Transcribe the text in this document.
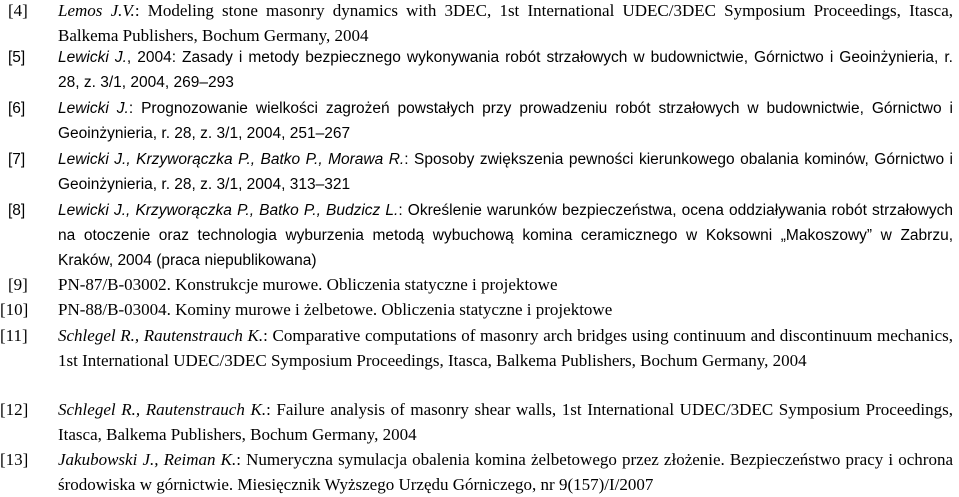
[4] Lemos J.V.: Modeling stone masonry dynamics with 3DEC, 1st International UDEC/3DEC Symposium Proceedings, Itasca, Balkema Publishers, Bochum Germany, 2004
[5] Lewicki J., 2004: Zasady i metody bezpiecznego wykonywania robót strzałowych w budownictwie, Górnictwo i Geoinżynieria, r. 28, z. 3/1, 2004, 269–293
[6] Lewicki J.: Prognozowanie wielkości zagrożeń powstałych przy prowadzeniu robót strzałowych w budownictwie, Górnictwo i Geoinżynieria, r. 28, z. 3/1, 2004, 251–267
[7] Lewicki J., Krzyworączka P., Batko P., Morawa R.: Sposoby zwiększenia pewności kierunkowego obalania kominów, Górnictwo i Geoinżynieria, r. 28, z. 3/1, 2004, 313–321
[8] Lewicki J., Krzyworączka P., Batko P., Budzicz L.: Określenie warunków bezpieczeństwa, ocena oddziaływania robót strzałowych na otoczenie oraz technologia wyburzenia metodą wybuchową komina ceramicznego w Koksowni „Makoszowy” w Zabrzu, Kraków, 2004 (praca niepublikowana)
[9] PN-87/B-03002. Konstrukcje murowe. Obliczenia statyczne i projektowe
[10] PN-88/B-03004. Kominy murowe i żelbetowe. Obliczenia statyczne i projektowe
[11] Schlegel R., Rautenstrauch K.: Comparative computations of masonry arch bridges using continuum and discontinuum mechanics, 1st International UDEC/3DEC Symposium Proceedings, Itasca, Balkema Publishers, Bochum Germany, 2004
[12] Schlegel R., Rautenstrauch K.: Failure analysis of masonry shear walls, 1st International UDEC/3DEC Symposium Proceedings, Itasca, Balkema Publishers, Bochum Germany, 2004
[13] Jakubowski J., Reiman K.: Numeryczna symulacja obalenia komina żelbetowego przez złożenie. Bezpieczeństwo pracy i ochrona środowiska w górnictwie. Miesięcznik Wyższego Urzędu Górniczego, nr 9(157)/I/2007
